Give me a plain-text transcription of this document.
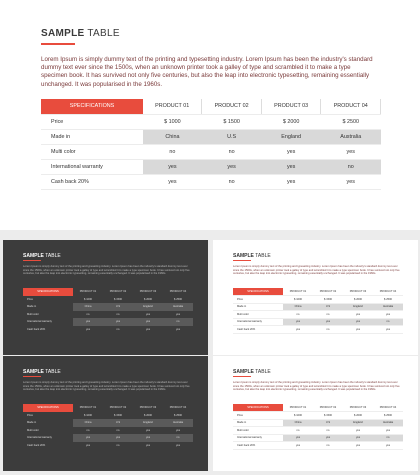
SAMPLE TABLE
Lorem Ipsum is simply dummy text of the printing and typesetting industry. Lorem Ipsum has been the industry's standard dummy text ever since the 1500s, when an unknown printer took a galley of type and scrambled it to make a type specimen book. It has survived not only five centuries, but also the leap into electronic typesetting, remaining essentially unchanged. It was popularised in the 1960s.
SPECIFICATIONS	PRODUCT 01	PRODUCT 02	PRODUCT 03	PRODUCT 04
Price	$ 1000	$ 1500	$ 2000	$ 2500
Made in	China	U.S	England	Australia
Multi color	no	no	yes	yes
International warranty	yes	yes	yes	no
Cash back 20%	yes	no	yes	yes
SAMPLE TABLE
Lorem Ipsum is simply dummy text of the printing and typesetting industry. Lorem Ipsum has been the industry's standard dummy text ever since the 1500s, when an unknown printer took a galley of type and scrambled it to make a type specimen book. It has survived not only five centuries, but also the leap into electronic typesetting, remaining essentially unchanged. It was popularised in the 1960s.
SPECIFICATIONS	PRODUCT 01	PRODUCT 02	PRODUCT 03	PRODUCT 04
Price	$ 1000	$ 1500	$ 2000	$ 2500
Made in	China	U.S	England	Australia
Multi color	no	no	yes	yes
International warranty	yes	yes	yes	no
Cash back 20%	yes	no	yes	yes
SAMPLE TABLE
Lorem Ipsum is simply dummy text of the printing and typesetting industry. Lorem Ipsum has been the industry's standard dummy text ever since the 1500s, when an unknown printer took a galley of type and scrambled it to make a type specimen book. It has survived not only five centuries, but also the leap into electronic typesetting, remaining essentially unchanged. It was popularised in the 1960s.
SPECIFICATIONS	PRODUCT 01	PRODUCT 02	PRODUCT 03	PRODUCT 04
Price	$ 1000	$ 1500	$ 2000	$ 2500
Made in	China	U.S	England	Australia
Multi color	no	no	yes	yes
International warranty	yes	yes	yes	no
Cash back 20%	yes	no	yes	yes
SAMPLE TABLE
Lorem Ipsum is simply dummy text of the printing and typesetting industry. Lorem Ipsum has been the industry's standard dummy text ever since the 1500s, when an unknown printer took a galley of type and scrambled it to make a type specimen book. It has survived not only five centuries, but also the leap into electronic typesetting, remaining essentially unchanged. It was popularised in the 1960s.
SPECIFICATIONS	PRODUCT 01	PRODUCT 02	PRODUCT 03	PRODUCT 04
Price	$ 1000	$ 1500	$ 2000	$ 2500
Made in	China	U.S	England	Australia
Multi color	no	no	yes	yes
International warranty	yes	yes	yes	no
Cash back 20%	yes	no	yes	yes
SAMPLE TABLE
Lorem Ipsum is simply dummy text of the printing and typesetting industry. Lorem Ipsum has been the industry's standard dummy text ever since the 1500s, when an unknown printer took a galley of type and scrambled it to make a type specimen book. It has survived not only five centuries, but also the leap into electronic typesetting, remaining essentially unchanged. It was popularised in the 1960s.
SPECIFICATIONS	PRODUCT 01	PRODUCT 02	PRODUCT 03	PRODUCT 04
Price	$ 1000	$ 1500	$ 2000	$ 2500
Made in	China	U.S	England	Australia
Multi color	no	no	yes	yes
International warranty	yes	yes	yes	no
Cash back 20%	yes	no	yes	yes
